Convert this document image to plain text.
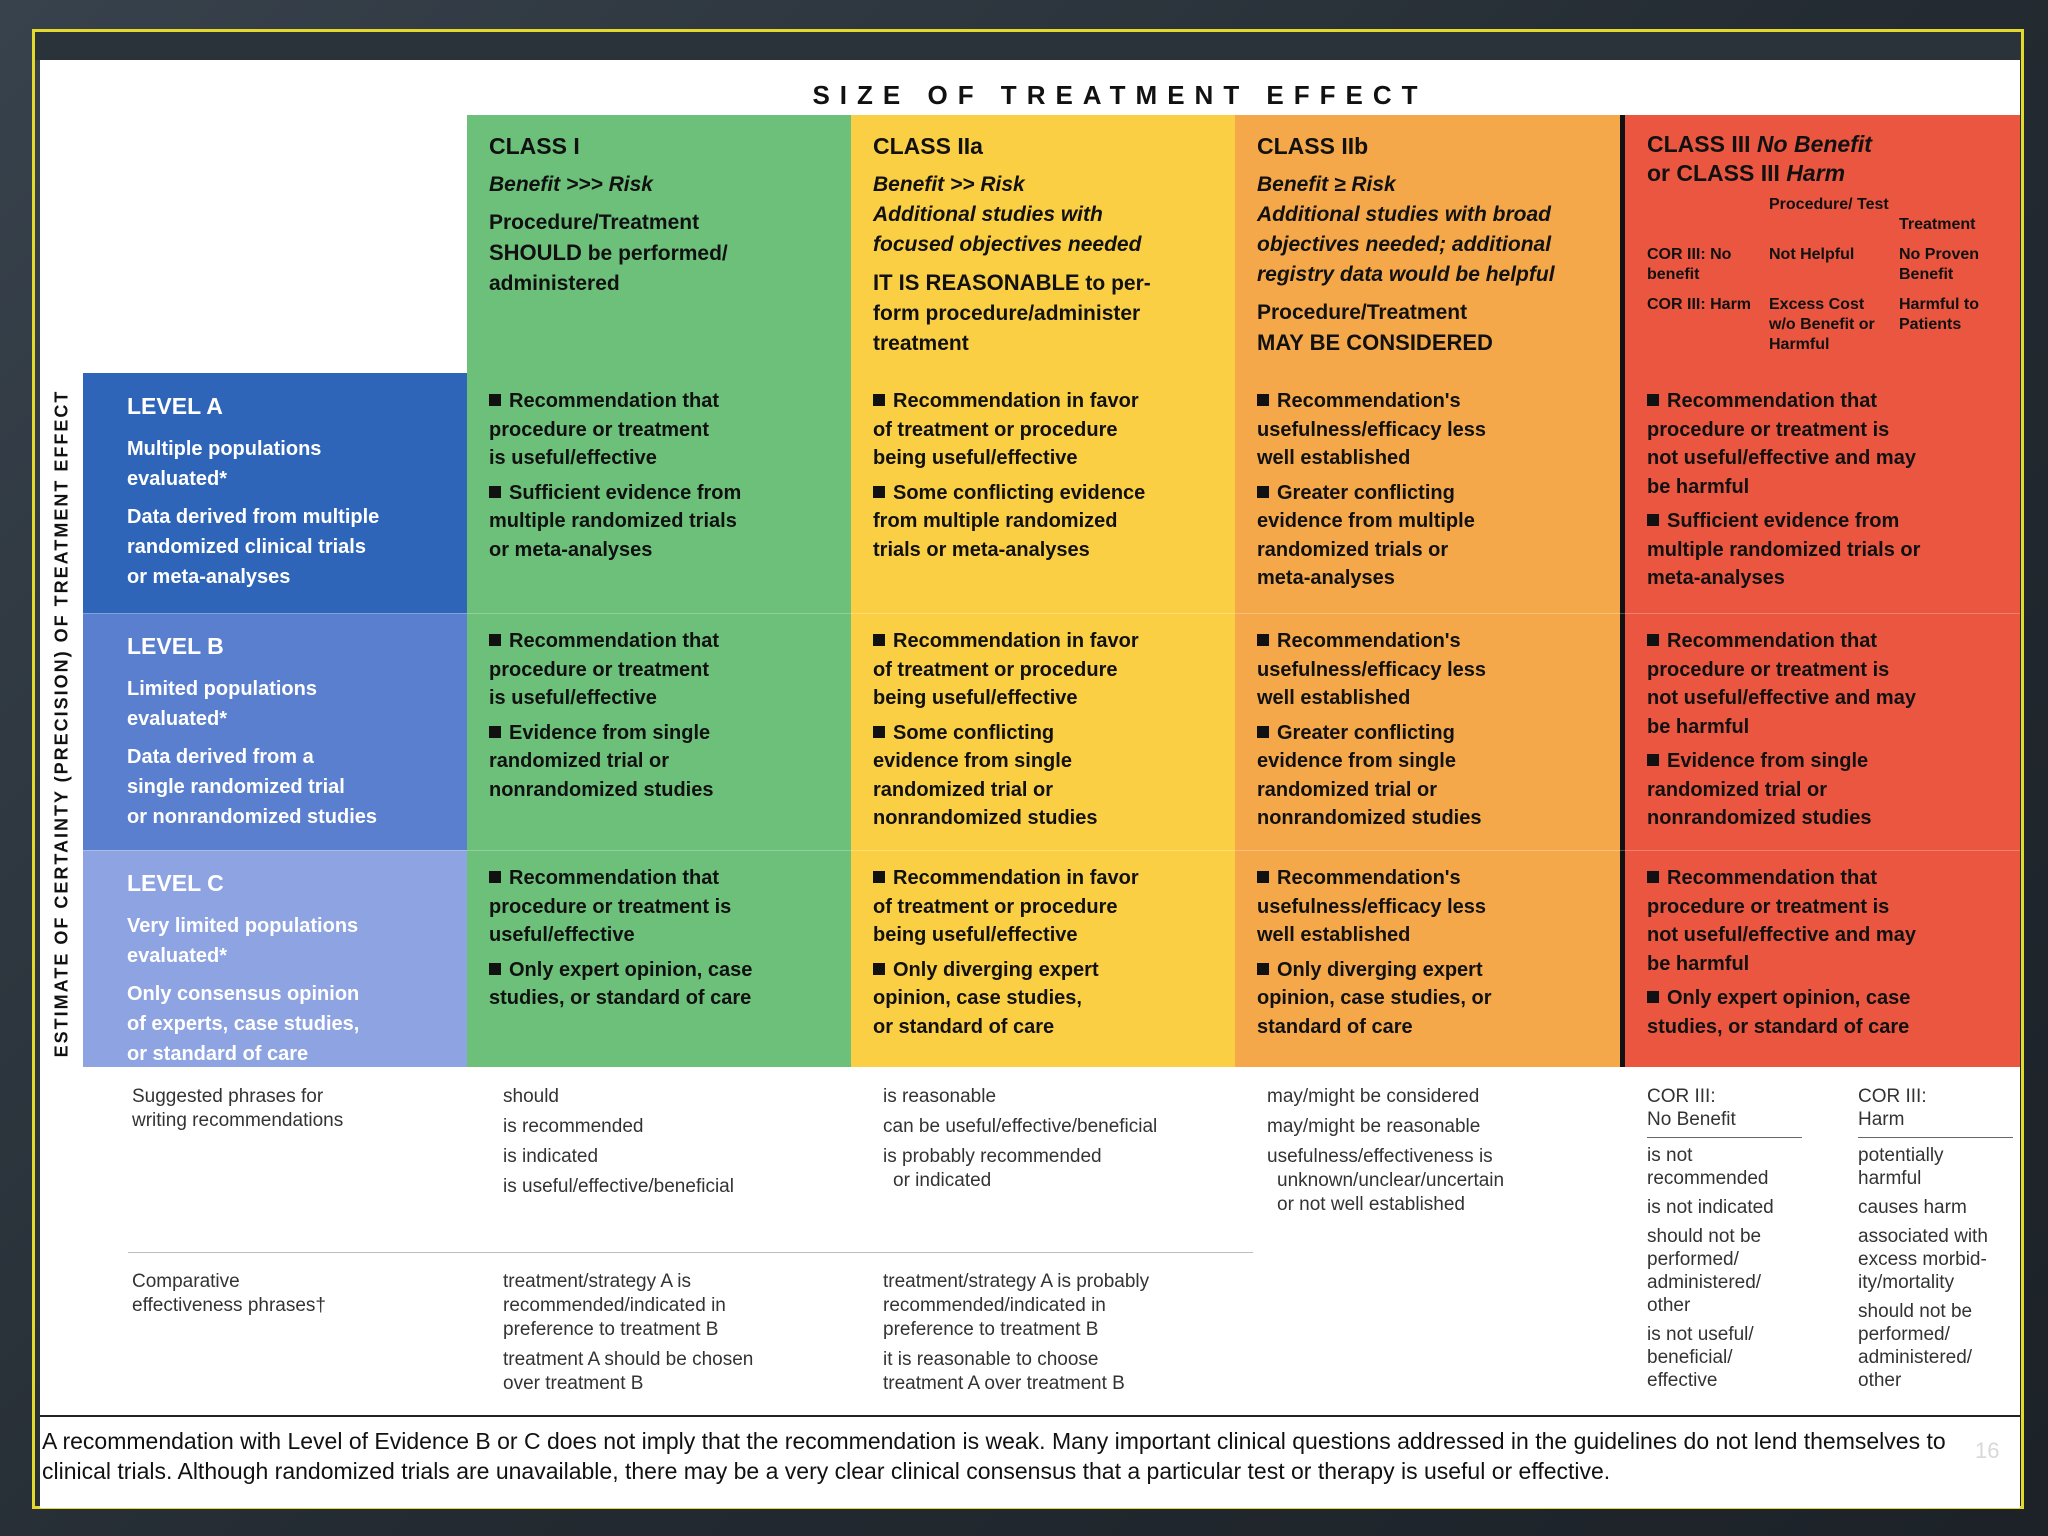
SIZE OF TREATMENT EFFECT
ESTIMATE OF CERTAINTY (PRECISION) OF TREATMENT EFFECT
CLASS I
Benefit >>> Risk
Procedure/Treatment
SHOULD be performed/
administered
CLASS IIa
Benefit >> Risk
Additional studies with
focused objectives needed
IT IS REASONABLE to per-
form procedure/administer
treatment
CLASS IIb
Benefit ≥ Risk
Additional studies with broad
objectives needed; additional
registry data would be helpful
Procedure/Treatment
MAY BE CONSIDERED
CLASS III No Benefit
or CLASS III Harm
Procedure/ Test
Treatment
COR III: No benefit
Not Helpful	No Proven Benefit
COR III: Harm	Excess Cost w/o Benefit or Harmful
Harmful to Patients
LEVEL A
Multiple populations
evaluated*
Data derived from multiple
randomized clinical trials
or meta-analyses
Recommendation that
procedure or treatment
is useful/effective
Sufficient evidence from
multiple randomized trials
or meta-analyses
Recommendation in favor
of treatment or procedure
being useful/effective
Some conflicting evidence
from multiple randomized
trials or meta-analyses
Recommendation's
usefulness/efficacy less
well established
Greater conflicting
evidence from multiple
randomized trials or
meta-analyses
Recommendation that
procedure or treatment is
not useful/effective and may
be harmful
Sufficient evidence from
multiple randomized trials or
meta-analyses
LEVEL B
Limited populations
evaluated*
Data derived from a
single randomized trial
or nonrandomized studies
Recommendation that
procedure or treatment
is useful/effective
Evidence from single
randomized trial or
nonrandomized studies
Recommendation in favor
of treatment or procedure
being useful/effective
Some conflicting
evidence from single
randomized trial or
nonrandomized studies
Recommendation's
usefulness/efficacy less
well established
Greater conflicting
evidence from single
randomized trial or
nonrandomized studies
Recommendation that
procedure or treatment is
not useful/effective and may
be harmful
Evidence from single
randomized trial or
nonrandomized studies
LEVEL C
Very limited populations
evaluated*
Only consensus opinion
of experts, case studies,
or standard of care
Recommendation that
procedure or treatment is
useful/effective
Only expert opinion, case
studies, or standard of care
Recommendation in favor
of treatment or procedure
being useful/effective
Only diverging expert
opinion, case studies,
or standard of care
Recommendation's
usefulness/efficacy less
well established
Only diverging expert
opinion, case studies, or
standard of care
Recommendation that
procedure or treatment is
not useful/effective and may
be harmful
Only expert opinion, case
studies, or standard of care
Suggested phrases for
writing recommendations
should
is recommended
is indicated
is useful/effective/beneficial
is reasonable
can be useful/effective/beneficial
is probably recommended
or indicated
may/might be considered
may/might be reasonable
usefulness/effectiveness is
unknown/unclear/uncertain
or not well established
COR III:
No Benefit
is not
recommended
is not indicated
should not be
performed/
administered/
other
is not useful/
beneficial/
effective
COR III:
Harm
potentially
harmful
causes harm
associated with
excess morbid-
ity/mortality
should not be
performed/
administered/
other
Comparative
effectiveness phrases†
treatment/strategy A is
recommended/indicated in
preference to treatment B
treatment A should be chosen
over treatment B
treatment/strategy A is probably
recommended/indicated in
preference to treatment B
it is reasonable to choose
treatment A over treatment B
A recommendation with Level of Evidence B or C does not imply that the recommendation is weak. Many important clinical questions addressed in the guidelines do not lend themselves to clinical trials. Although randomized trials are unavailable, there may be a very clear clinical consensus that a particular test or therapy is useful or effective.
16
